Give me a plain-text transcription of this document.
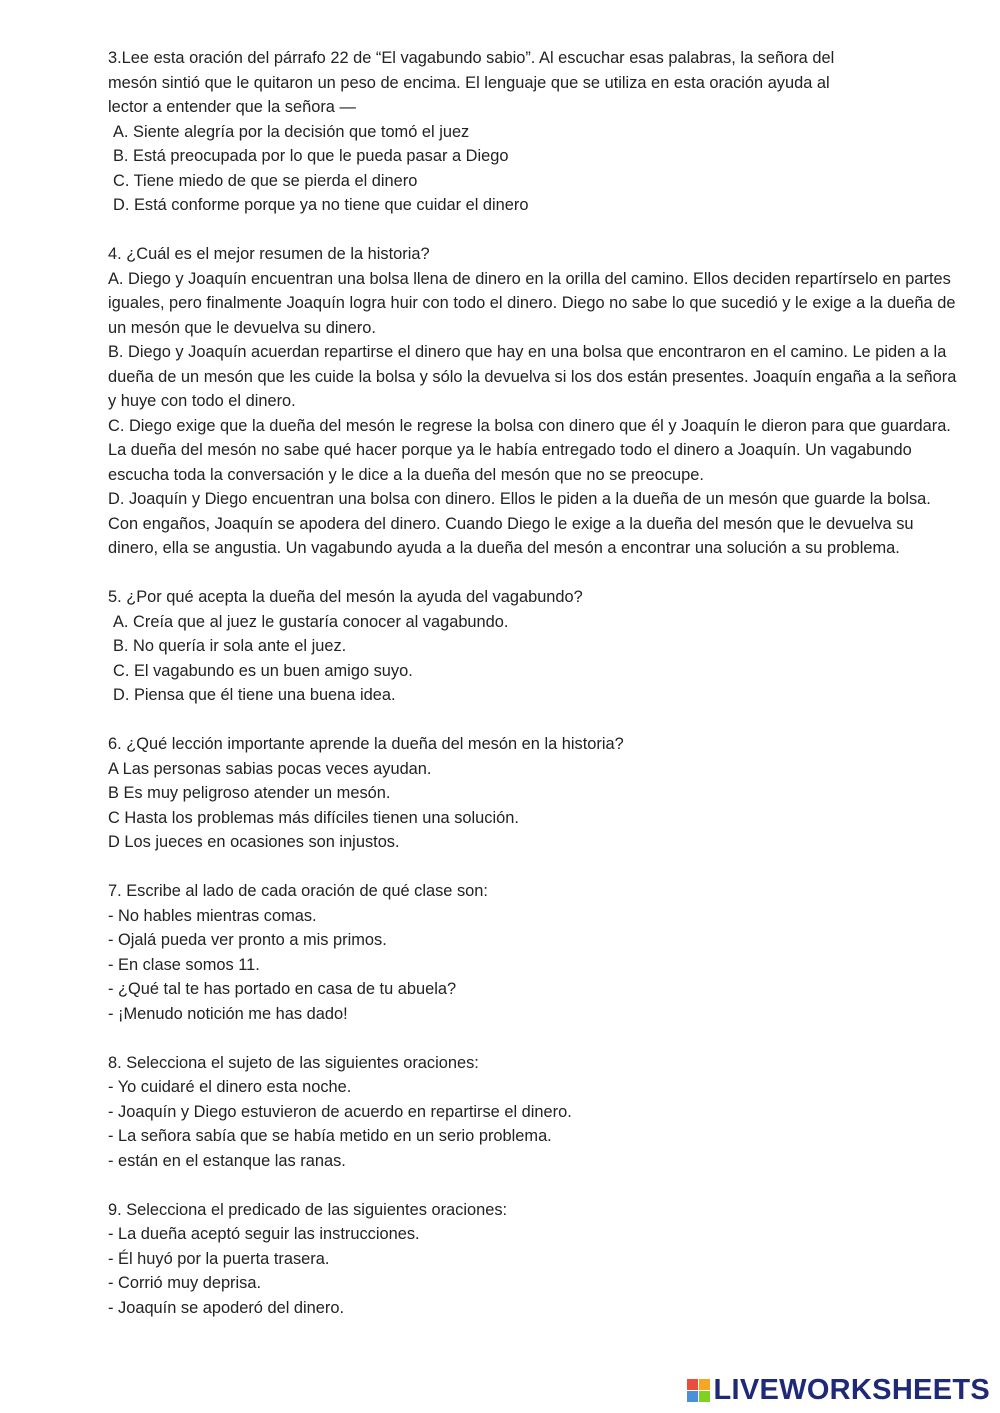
3.Lee esta oración del párrafo 22 de “El vagabundo sabio”. Al escuchar esas palabras, la señora del
mesón sintió que le quitaron un peso de encima. El lenguaje que se utiliza en esta oración ayuda al
lector a entender que la señora —
A. Siente alegría por la decisión que tomó el juez
B. Está preocupada por lo que le pueda pasar a Diego
C. Tiene miedo de que se pierda el dinero
D. Está conforme porque ya no tiene que cuidar el dinero
4. ¿Cuál es el mejor resumen de la historia?

A. Diego y Joaquín encuentran una bolsa llena de dinero en la orilla del camino. Ellos deciden repartírselo en partes iguales, pero finalmente Joaquín logra huir con todo el dinero. Diego no sabe lo que sucedió y le exige a la dueña de un mesón que le devuelva su dinero.

B. Diego y Joaquín acuerdan repartirse el dinero que hay en una bolsa que encontraron en el camino. Le piden a la dueña de un mesón que les cuide la bolsa y sólo la devuelva si los dos están presentes. Joaquín engaña a la señora y huye con todo el dinero.

C. Diego exige que la dueña del mesón le regrese la bolsa con dinero que él y Joaquín le dieron para que guardara. La dueña del mesón no sabe qué hacer porque ya le había entregado todo el dinero a Joaquín. Un vagabundo escucha toda la conversación y le dice a la dueña del mesón que no se preocupe.

D. Joaquín y Diego encuentran una bolsa con dinero. Ellos le piden a la dueña de un mesón que guarde la bolsa. Con engaños, Joaquín se apodera del dinero. Cuando Diego le exige a la dueña del mesón que le devuelva su dinero, ella se angustia. Un vagabundo ayuda a la dueña del mesón a encontrar una solución a su problema.

5. ¿Por qué acepta la dueña del mesón la ayuda del vagabundo?
A. Creía que al juez le gustaría conocer al vagabundo.
B. No quería ir sola ante el juez.
C. El vagabundo es un buen amigo suyo.
D. Piensa que él tiene una buena idea.
6. ¿Qué lección importante aprende la dueña del mesón en la historia?
A Las personas sabias pocas veces ayudan.
B Es muy peligroso atender un mesón.
C Hasta los problemas más difíciles tienen una solución.
D Los jueces en ocasiones son injustos.
7. Escribe al lado de cada oración de qué clase son:
- No hables mientras comas.
- Ojalá pueda ver pronto a mis primos.
- En clase somos 11.
- ¿Qué tal te has portado en casa de tu abuela?
- ¡Menudo notición me has dado!
8. Selecciona el sujeto de las siguientes oraciones:
- Yo cuidaré el dinero esta noche.
- Joaquín y Diego estuvieron de acuerdo en repartirse el dinero.
- La señora sabía que se había metido en un serio problema.
- están en el estanque las ranas.
9. Selecciona el predicado de las siguientes oraciones:
- La dueña aceptó seguir las instrucciones.
- Él huyó por la puerta trasera.
- Corrió muy deprisa.
- Joaquín se apoderó del dinero.
LIVEWORKSHEETS
